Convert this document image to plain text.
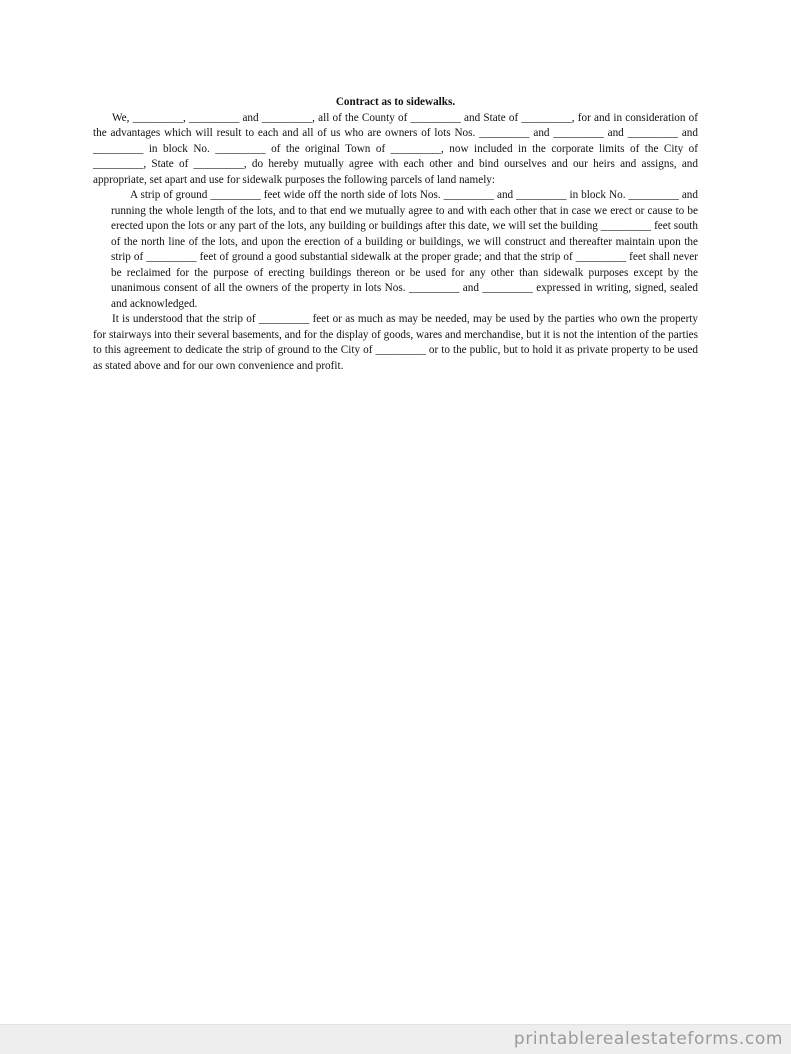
Contract as to sidewalks.

We, _________, _________ and _________, all of the County of _________ and State of _________, for and in consideration of the advantages which will result to each and all of us who are owners of lots Nos. _________ and _________ and _________ and _________ in block No. _________ of the original Town of _________, now included in the corporate limits of the City of _________, State of _________, do hereby mutually agree with each other and bind ourselves and our heirs and assigns, and appropriate, set apart and use for sidewalk purposes the following parcels of land namely:

A strip of ground _________ feet wide off the north side of lots Nos. _________ and _________ in block No. _________ and running the whole length of the lots, and to that end we mutually agree to and with each other that in case we erect or cause to be erected upon the lots or any part of the lots, any building or buildings after this date, we will set the building _________ feet south of the north line of the lots, and upon the erection of a building or buildings, we will construct and thereafter maintain upon the strip of _________ feet of ground a good substantial sidewalk at the proper grade; and that the strip of _________ feet shall never be reclaimed for the purpose of erecting buildings thereon or be used for any other than sidewalk purposes except by the unanimous consent of all the owners of the property in lots Nos. _________ and _________ expressed in writing, signed, sealed and acknowledged.

It is understood that the strip of _________ feet or as much as may be needed, may be used by the parties who own the property for stairways into their several basements, and for the display of goods, wares and merchandise, but it is not the intention of the parties to this agreement to dedicate the strip of ground to the City of _________ or to the public, but to hold it as private property to be used as stated above and for our own convenience and profit.

printablerealestateforms.com
